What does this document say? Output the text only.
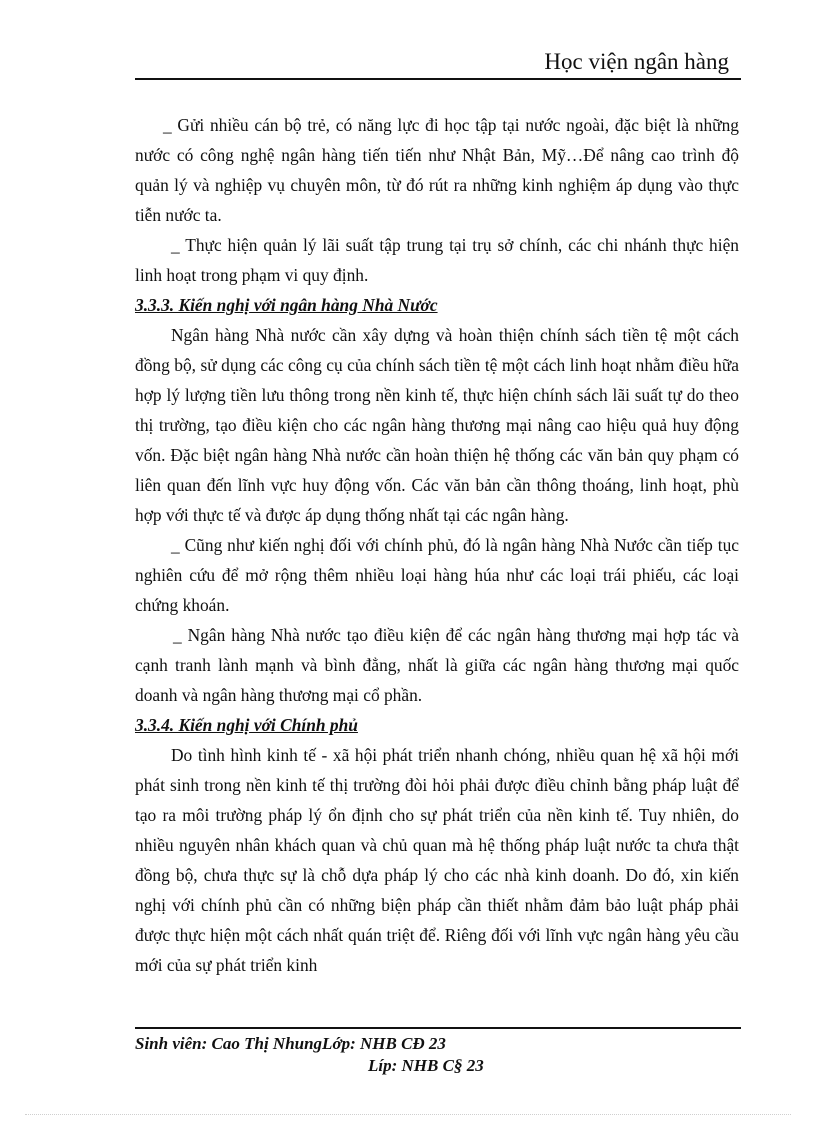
Học viện ngân hàng

_ Gửi nhiều cán bộ trẻ, có năng lực đi học tập tại nước ngoài, đặc biệt là những nước có công nghệ ngân hàng tiến tiến như Nhật Bản, Mỹ…Để nâng cao trình độ quản lý và nghiệp vụ chuyên môn, từ đó rút ra những kinh nghiệm áp dụng vào thực tiễn nước ta.

_ Thực hiện quản lý lãi suất tập trung tại trụ sở chính, các chi nhánh thực hiện linh hoạt trong phạm vi quy định.

3.3.3. Kiến nghị với ngân hàng Nhà Nước

Ngân hàng Nhà nước cần xây dựng và hoàn thiện chính sách tiền tệ một cách đồng bộ, sử dụng các công cụ của chính sách tiền tệ một cách linh hoạt nhằm điều hữa hợp lý lượng tiền lưu thông trong nền kinh tế, thực hiện chính sách lãi suất tự do theo thị trường, tạo điều kiện cho các ngân hàng thương mại nâng cao hiệu quả huy động vốn. Đặc biệt ngân hàng Nhà nước cần hoàn thiện hệ thống các văn bản quy phạm có liên quan đến lĩnh vực huy động vốn. Các văn bản cần thông thoáng, linh hoạt, phù hợp với thực tế và được áp dụng thống nhất tại các ngân hàng.

_ Cũng như kiến nghị đối với chính phủ, đó là ngân hàng Nhà Nước cần tiếp tục nghiên cứu để mở rộng thêm nhiều loại hàng húa như các loại trái phiếu, các loại chứng khoán.

_ Ngân hàng Nhà nước tạo điều kiện để các ngân hàng thương mại hợp tác và cạnh tranh lành mạnh và bình đẳng, nhất là giữa các ngân hàng thương mại quốc doanh và ngân hàng thương mại cổ phần.

3.3.4. Kiến nghị với Chính phủ

Do tình hình kinh tế - xã hội phát triển nhanh chóng, nhiều quan hệ xã hội mới phát sinh trong nền kinh tế thị trường đòi hỏi phải được điều chỉnh bằng pháp luật để tạo ra môi trường pháp lý ổn định cho sự phát triển của nền kinh tế. Tuy nhiên, do nhiều nguyên nhân khách quan và chủ quan mà hệ thống pháp luật nước ta chưa thật đồng bộ, chưa thực sự là chỗ dựa pháp lý cho các nhà kinh doanh. Do đó, xin kiến nghị với chính phủ cần có những biện pháp cần thiết nhằm đảm bảo luật pháp phải được thực hiện một cách nhất quán triệt để. Riêng đối với lĩnh vực ngân hàng yêu cầu mới của sự phát triển kinh

Sinh viên: Cao Thị NhungLớp: NHB CĐ 23
Líp: NHB C§ 23
